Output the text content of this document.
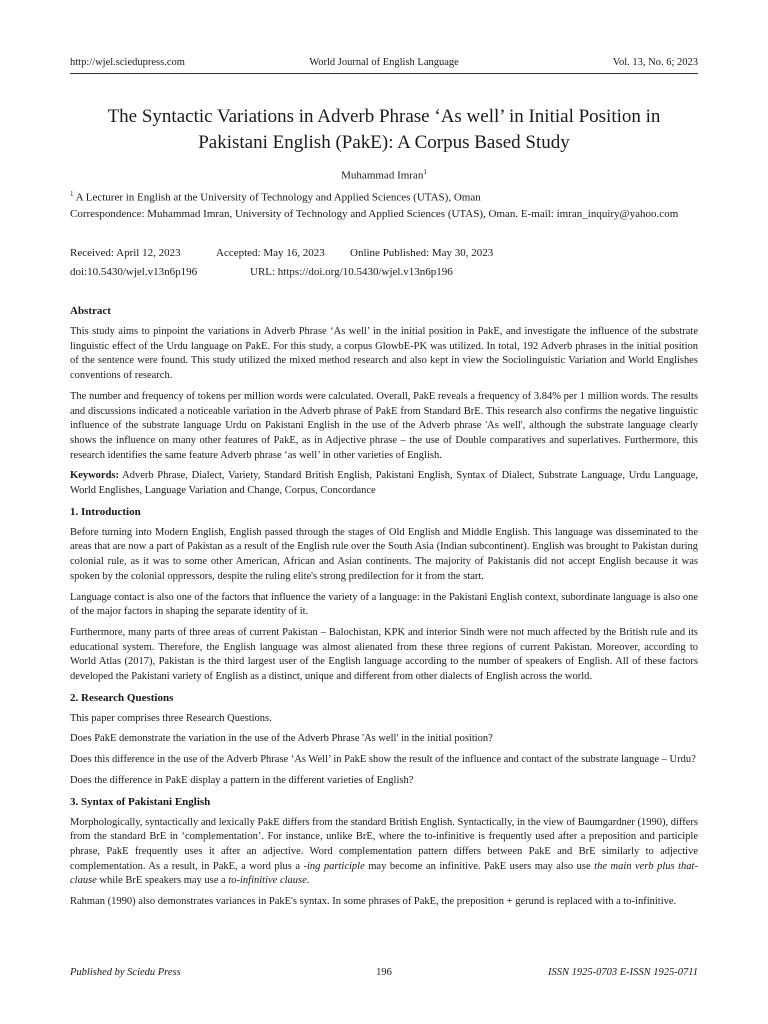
http://wjel.sciedupress.com	World Journal of English Language	Vol. 13, No. 6; 2023
The Syntactic Variations in Adverb Phrase ‘As well’ in Initial Position in
Pakistani English (PakE): A Corpus Based Study
Muhammad Imran$^1$
$^1$ A Lecturer in English at the University of Technology and Applied Sciences (UTAS), Oman
Correspondence: Muhammad Imran, University of Technology and Applied Sciences (UTAS), Oman. E-mail: imran_inquiry@yahoo.com
Received: April 12, 2023	Accepted: May 16, 2023	Online Published: May 30, 2023
doi:10.5430/wjel.v13n6p196	URL: https://doi.org/10.5430/wjel.v13n6p196
Abstract

This study aims to pinpoint the variations in Adverb Phrase ‘As well’ in the initial position in PakE, and investigate the influence of the substrate linguistic effect of the Urdu language on PakE. For this study, a corpus GlowbE-PK was utilized. In total, 192 Adverb phrases in the initial position of the sentence were found. This study utilized the mixed method research and also kept in view the Sociolinguistic Variation and World Englishes conventions of research.

The number and frequency of tokens per million words were calculated. Overall, PakE reveals a frequency of 3.84% per 1 million words. The results and discussions indicated a noticeable variation in the Adverb phrase of PakE from Standard BrE. This research also confirms the negative linguistic influence of the substrate language Urdu on Pakistani English in the use of the Adverb phrase 'As well', although the substrate language clearly shows the influence on many other features of PakE, as in Adjective phrase – the use of Double comparatives and superlatives. Furthermore, this research identifies the same feature Adverb phrase ‘as well’ in other varieties of English.

Keywords: Adverb Phrase, Dialect, Variety, Standard British English, Pakistani English, Syntax of Dialect, Substrate Language, Urdu Language, World Englishes, Language Variation and Change, Corpus, Concordance

1. Introduction

Before turning into Modern English, English passed through the stages of Old English and Middle English. This language was disseminated to the areas that are now a part of Pakistan as a result of the English rule over the South Asia (Indian subcontinent). English was brought to Pakistan during colonial rule, as it was to some other American, African and Asian continents. The majority of Pakistanis did not accept English because it was spoken by the colonial oppressors, despite the ruling elite's strong predilection for it from the start.

Language contact is also one of the factors that influence the variety of a language: in the Pakistani English context, subordinate language is also one of the major factors in shaping the separate identity of it.

Furthermore, many parts of three areas of current Pakistan – Balochistan, KPK and interior Sindh were not much affected by the British rule and its educational system. Therefore, the English language was almost alienated from these three regions of current Pakistan. Moreover, according to World Atlas (2017), Pakistan is the third largest user of the English language according to the number of speakers of English. All of these factors developed the Pakistani variety of English as a distinct, unique and different from other dialects of English across the world.

2. Research Questions

This paper comprises three Research Questions.

Does PakE demonstrate the variation in the use of the Adverb Phrase 'As well' in the initial position?

Does this difference in the use of the Adverb Phrase ‘As Well’ in PakE show the result of the influence and contact of the substrate language – Urdu?

Does the difference in PakE display a pattern in the different varieties of English?

3. Syntax of Pakistani English

Morphologically, syntactically and lexically PakE differs from the standard British English. Syntactically, in the view of Baumgardner (1990), differs from the standard BrE in ‘complementation’. For instance, unlike BrE, where the to-infinitive is frequently used after a preposition and participle phrase, PakE frequently uses it after an adjective. Word complementation pattern differs between PakE and BrE similarly to adjective complementation. As a result, in PakE, a word plus a -ing participle may become an infinitive. PakE users may also use the main verb plus that-clause while BrE speakers may use a to-infinitive clause.

Rahman (1990) also demonstrates variances in PakE's syntax. In some phrases of PakE, the preposition + gerund is replaced with a to-infinitive.

Published by Sciedu Press	196	ISSN 1925-0703 E-ISSN 1925-0711
